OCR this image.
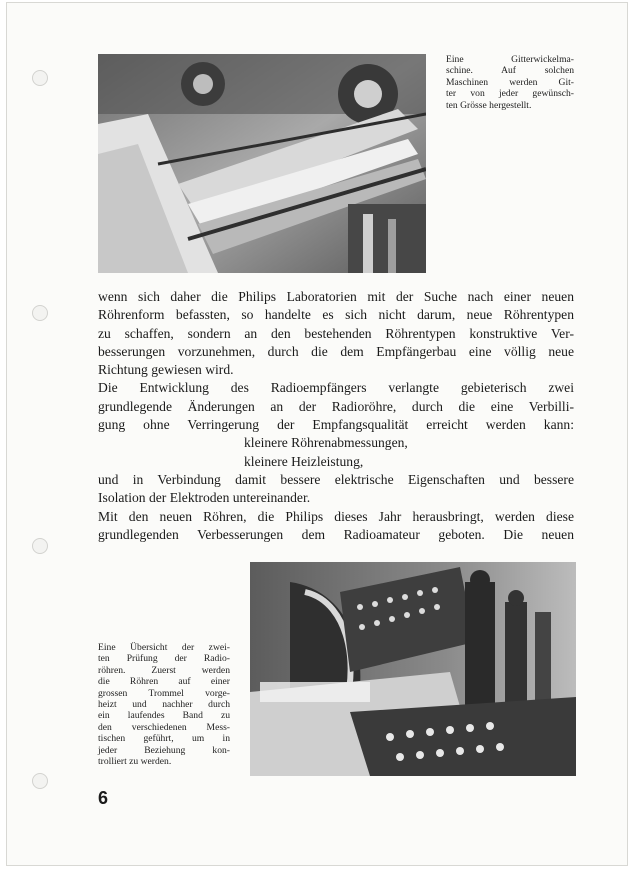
Eine Gitterwickelma-
schine. Auf solchen
Maschinen werden Git-
ter von jeder gewünsch-
ten Grösse hergestellt.
wenn sich daher die Philips Laboratorien mit der Suche nach einer neuen
Röhrenform befassten, so handelte es sich nicht darum, neue Röhrentypen
zu schaffen, sondern an den bestehenden Röhrentypen konstruktive Ver-
besserungen vorzunehmen, durch die dem Empfängerbau eine völlig neue
Richtung gewiesen wird.
Die Entwicklung des Radioempfängers verlangte gebieterisch zwei
grundlegende Änderungen an der Radioröhre, durch die eine Verbilli-
gung ohne Verringerung der Empfangsqualität erreicht werden kann:
kleinere Röhrenabmessungen,
kleinere Heizleistung,
und in Verbindung damit bessere elektrische Eigenschaften und bessere
Isolation der Elektroden untereinander.
Mit den neuen Röhren, die Philips dieses Jahr herausbringt, werden diese
grundlegenden Verbesserungen dem Radioamateur geboten. Die neuen
Eine Übersicht der zwei-
ten Prüfung der Radio-
röhren. Zuerst werden
die Röhren auf einer
grossen Trommel vorge-
heizt und nachher durch
ein laufendes Band zu
den verschiedenen Mess-
tischen geführt, um in
jeder Beziehung kon-
trolliert zu werden.
6
